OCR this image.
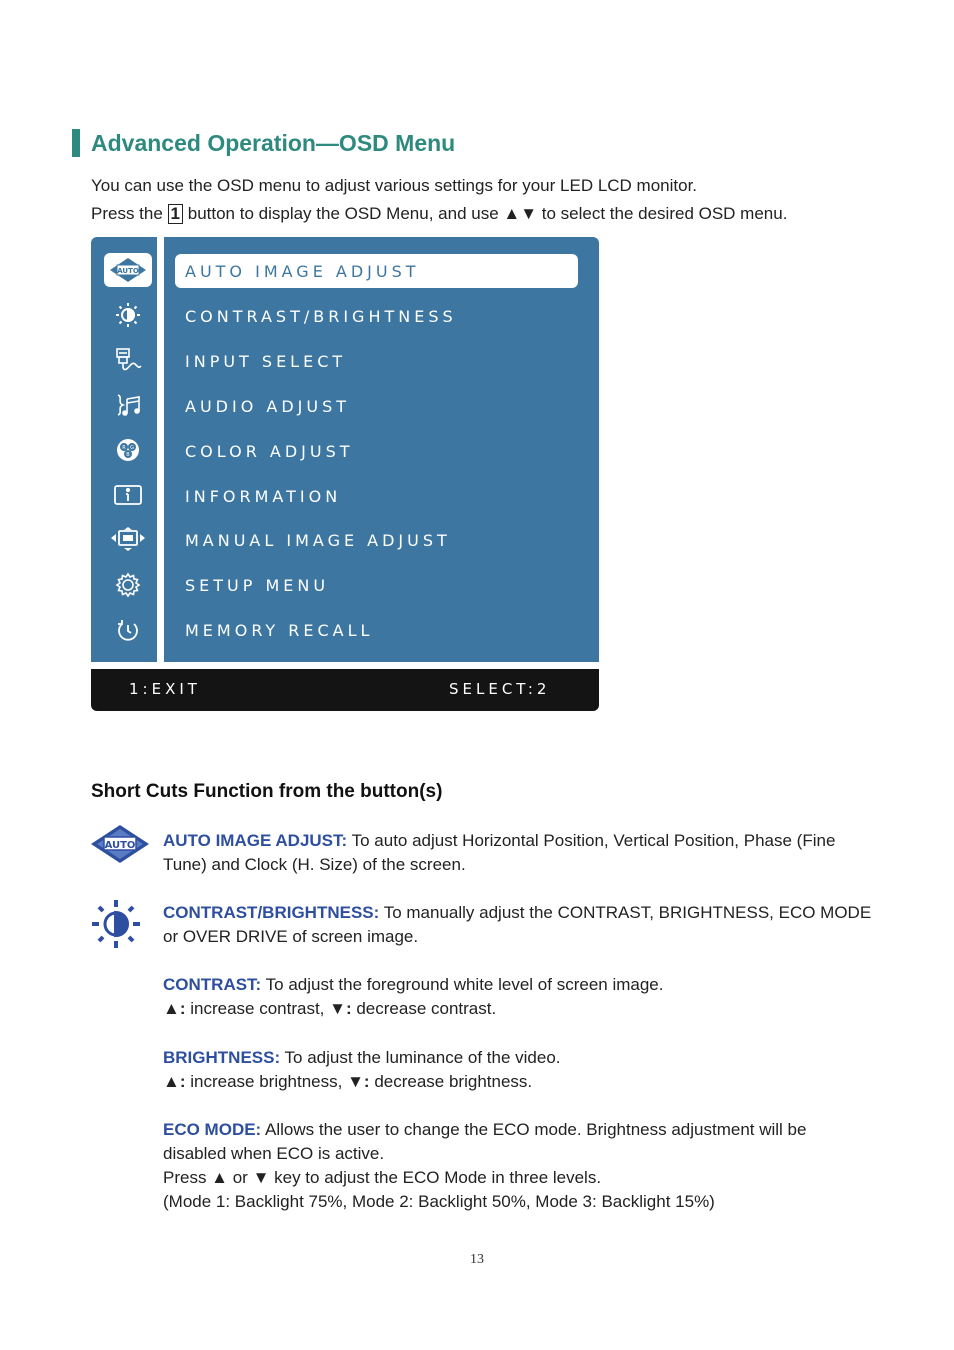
Advanced Operation—OSD Menu
You can use the OSD menu to adjust various settings for your LED LCD monitor.
Press the 1 button to display the OSD Menu, and use ▲▼ to select the desired OSD menu.
AUTO
R G
B
AUTO IMAGE ADJUST
CONTRAST/BRIGHTNESS
INPUT SELECT
AUDIO ADJUST
COLOR ADJUST
INFORMATION
MANUAL IMAGE ADJUST
SETUP MENU
MEMORY RECALL
1:EXIT	SELECT:2
Short Cuts Function from the button(s)
AUTO AUTO IMAGE ADJUST: To auto adjust Horizontal Position, Vertical Position, Phase (Fine Tune) and Clock (H. Size) of the screen.
CONTRAST/BRIGHTNESS: To manually adjust the CONTRAST, BRIGHTNESS, ECO MODE or OVER DRIVE of screen image.
CONTRAST: To adjust the foreground white level of screen image.
▲: increase contrast, ▼: decrease contrast.
BRIGHTNESS: To adjust the luminance of the video.
▲: increase brightness, ▼: decrease brightness.
ECO MODE: Allows the user to change the ECO mode. Brightness adjustment will be disabled when ECO is active.
Press ▲ or ▼ key to adjust the ECO Mode in three levels.
(Mode 1: Backlight 75%, Mode 2: Backlight 50%, Mode 3: Backlight 15%)
13
